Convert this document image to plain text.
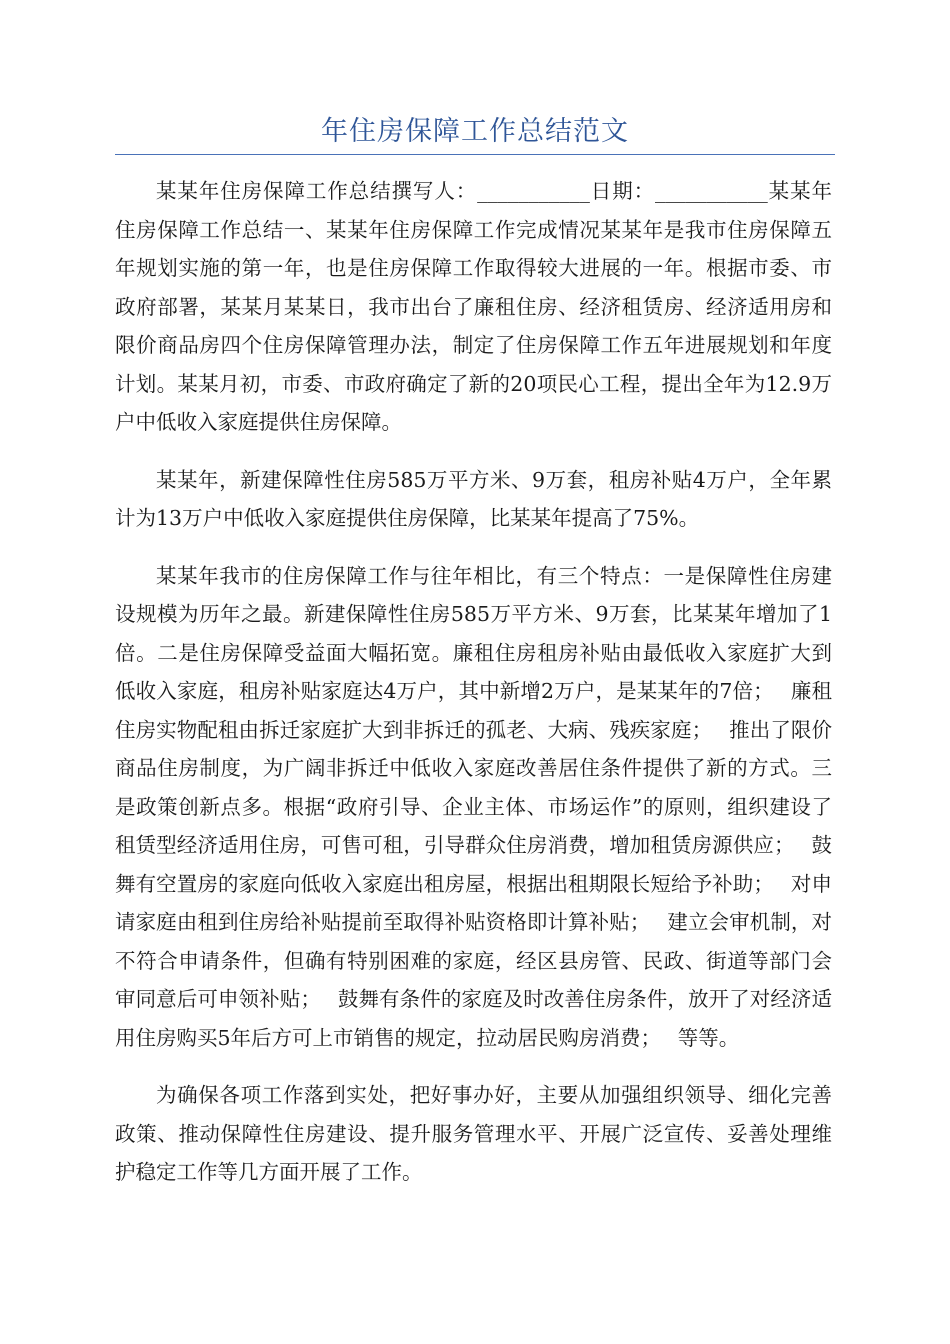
年住房保障工作总结范文

某某年住房保障工作总结撰写人：___________日期：___________某某年住房保障工作总结一、某某年住房保障工作完成情况某某年是我市住房保障五年规划实施的第一年，也是住房保障工作取得较大进展的一年。根据市委、市政府部署，某某月某某日，我市出台了廉租住房、经济租赁房、经济适用房和限价商品房四个住房保障管理办法，制定了住房保障工作五年进展规划和年度计划。某某月初，市委、市政府确定了新的20项民心工程，提出全年为12.9万户中低收入家庭提供住房保障。

某某年，新建保障性住房585万平方米、9万套，租房补贴4万户，全年累计为13万户中低收入家庭提供住房保障，比某某年提高了75%。

某某年我市的住房保障工作与往年相比，有三个特点：一是保障性住房建设规模为历年之最。新建保障性住房585万平方米、9万套，比某某年增加了1倍。二是住房保障受益面大幅拓宽。廉租住房租房补贴由最低收入家庭扩大到低收入家庭，租房补贴家庭达4万户，其中新增2万户，是某某年的7倍；　 廉租住房实物配租由拆迁家庭扩大到非拆迁的孤老、大病、残疾家庭；　 推出了限价商品住房制度，为广阔非拆迁中低收入家庭改善居住条件提供了新的方式。三是政策创新点多。根据“政府引导、企业主体、市场运作”的原则，组织建设了租赁型经济适用住房，可售可租，引导群众住房消费，增加租赁房源供应；　 鼓舞有空置房的家庭向低收入家庭出租房屋，根据出租期限长短给予补助；　 对申请家庭由租到住房给补贴提前至取得补贴资格即计算补贴；　 建立会审机制，对不符合申请条件，但确有特别困难的家庭，经区县房管、民政、街道等部门会审同意后可申领补贴；　 鼓舞有条件的家庭及时改善住房条件，放开了对经济适用住房购买5年后方可上市销售的规定，拉动居民购房消费；　 等等。

为确保各项工作落到实处，把好事办好，主要从加强组织领导、细化完善政策、推动保障性住房建设、提升服务管理水平、开展广泛宣传、妥善处理维护稳定工作等几方面开展了工作。
